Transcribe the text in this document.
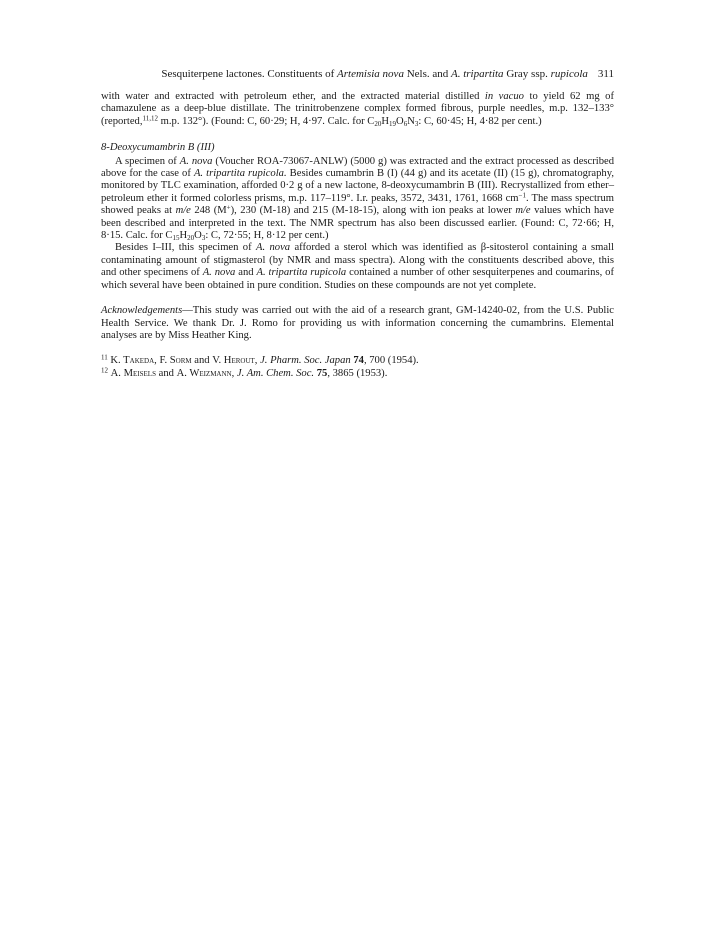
Sesquiterpene lactones. Constituents of Artemisia nova Nels. and A. tripartita Gray ssp. rupicola 311

with water and extracted with petroleum ether, and the extracted material distilled in vacuo to yield 62 mg of chamazulene as a deep-blue distillate. The trinitrobenzene complex formed fibrous, purple needles, m.p. 132–133° (reported,$^{11,12}$ m.p. 132°). (Found: C, 60·29; H, 4·97. Calc. for $C_{20}H_{19}O_6N_3$: C, 60·45; H, 4·82 per cent.)

8-Deoxycumambrin B (III)

A specimen of A. nova (Voucher ROA-73067-ANLW) (5000 g) was extracted and the extract processed as described above for the case of A. tripartita rupicola. Besides cumambrin B (I) (44 g) and its acetate (II) (15 g), chromatography, monitored by TLC examination, afforded 0·2 g of a new lactone, 8-deoxycumambrin B (III). Recrystallized from ether–petroleum ether it formed colorless prisms, m.p. 117–119°. I.r. peaks, 3572, 3431, 1761, 1668 $cm^{-1}$. The mass spectrum showed peaks at m/e 248 (M+), 230 (M-18) and 215 (M-18-15), along with ion peaks at lower m/e values which have been described and interpreted in the text. The NMR spectrum has also been discussed earlier. (Found: C, 72·66; H, 8·15. Calc. for $C_{15}H_{20}O_3$: C, 72·55; H, 8·12 per cent.)

Besides I–III, this specimen of A. nova afforded a sterol which was identified as β-sitosterol containing a small contaminating amount of stigmasterol (by NMR and mass spectra). Along with the constituents described above, this and other specimens of A. nova and A. tripartita rupicola contained a number of other sesquiterpenes and coumarins, of which several have been obtained in pure condition. Studies on these compounds are not yet complete.

Acknowledgements—This study was carried out with the aid of a research grant, GM-14240-02, from the U.S. Public Health Service. We thank Dr. J. Romo for providing us with information concerning the cumambrins. Elemental analyses are by Miss Heather King.

$^{11}$ K. Takeda, F. Sorm and V. Herout, J. Pharm. Soc. Japan 74, 700 (1954).

$^{12}$ A. Meisels and A. Weizmann, J. Am. Chem. Soc. 75, 3865 (1953).
